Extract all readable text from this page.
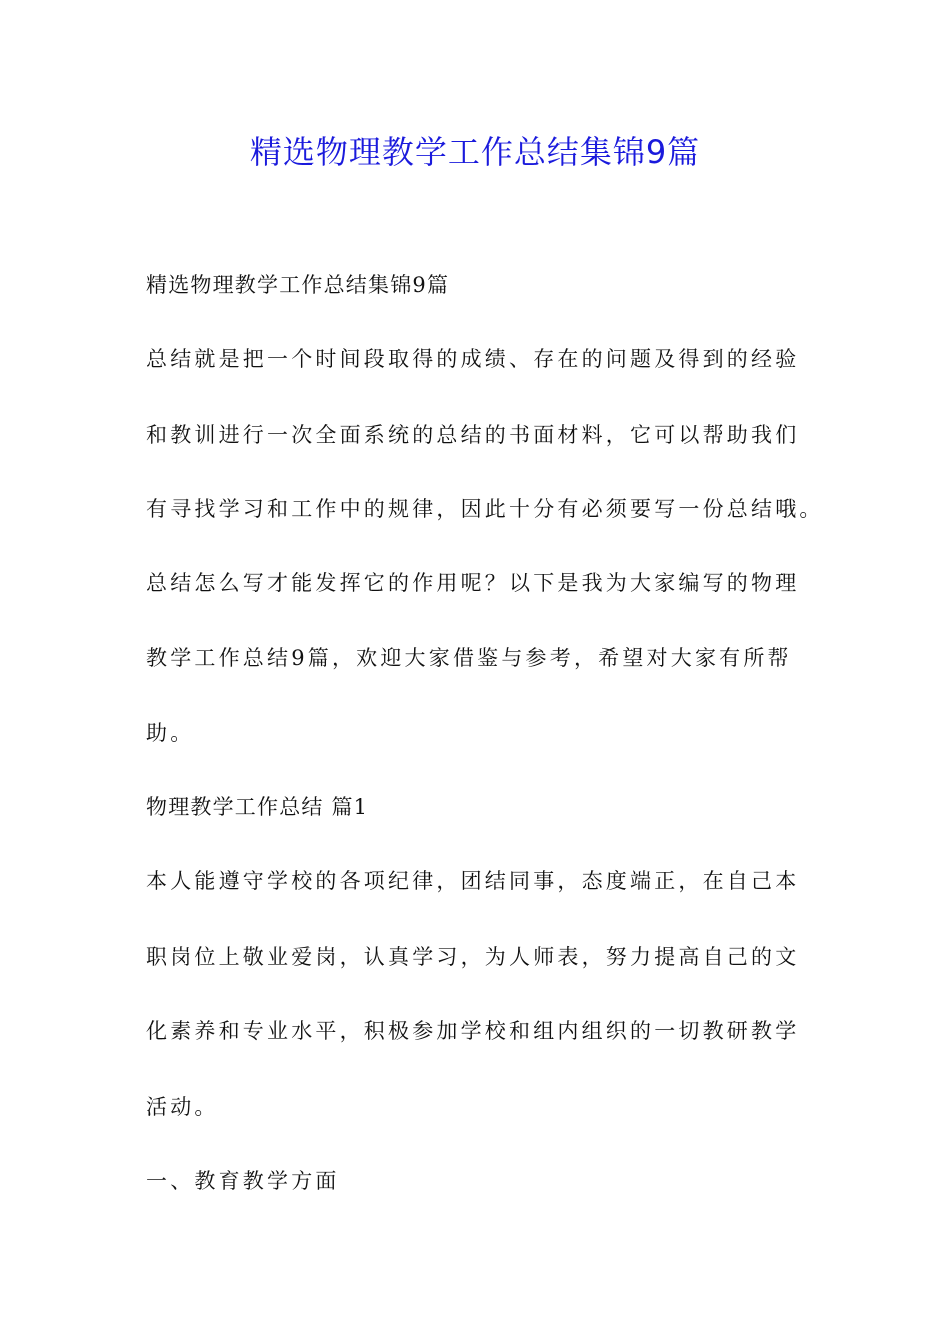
精选物理教学工作总结集锦9篇
精选物理教学工作总结集锦9篇
总结就是把一个时间段取得的成绩、存在的问题及得到的经验
和教训进行一次全面系统的总结的书面材料，它可以帮助我们
有寻找学习和工作中的规律，因此十分有必须要写一份总结哦。
总结怎么写才能发挥它的作用呢？以下是我为大家编写的物理
教学工作总结9篇，欢迎大家借鉴与参考，希望对大家有所帮
助。
物理教学工作总结 篇1
本人能遵守学校的各项纪律，团结同事，态度端正，在自己本
职岗位上敬业爱岗，认真学习，为人师表，努力提高自己的文
化素养和专业水平，积极参加学校和组内组织的一切教研教学
活动。
一、教育教学方面
